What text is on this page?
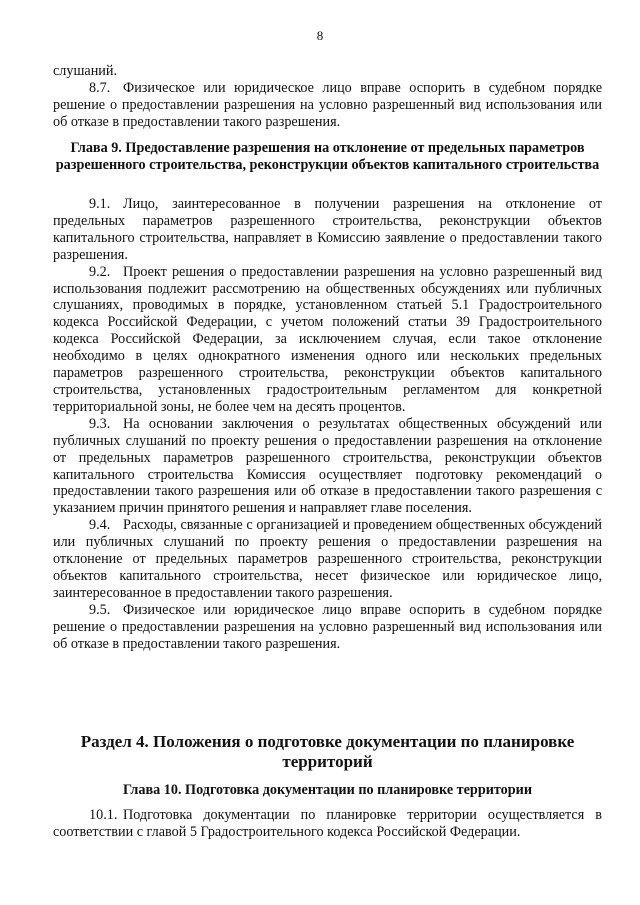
8

слушаний.

8.7. Физическое или юридическое лицо вправе оспорить в судебном порядке решение о предоставлении разрешения на условно разрешенный вид использования или об отказе в предоставлении такого разрешения.

Глава 9. Предоставление разрешения на отклонение от предельных параметров разрешенного строительства, реконструкции объектов капитального строительства

9.1. Лицо, заинтересованное в получении разрешения на отклонение от предельных параметров разрешенного строительства, реконструкции объектов капитального строительства, направляет в Комиссию заявление о предоставлении такого разрешения.

9.2. Проект решения о предоставлении разрешения на условно разрешенный вид использования подлежит рассмотрению на общественных обсуждениях или публичных слушаниях, проводимых в порядке, установленном статьей 5.1 Градостроительного кодекса Российской Федерации, с учетом положений статьи 39 Градостроительного кодекса Российской Федерации, за исключением случая, если такое отклонение необходимо в целях однократного изменения одного или нескольких предельных параметров разрешенного строительства, реконструкции объектов капитального строительства, установленных градостроительным регламентом для конкретной территориальной зоны, не более чем на десять процентов.

9.3. На основании заключения о результатах общественных обсуждений или публичных слушаний по проекту решения о предоставлении разрешения на отклонение от предельных параметров разрешенного строительства, реконструкции объектов капитального строительства Комиссия осуществляет подготовку рекомендаций о предоставлении такого разрешения или об отказе в предоставлении такого разрешения с указанием причин принятого решения и направляет главе поселения.

9.4. Расходы, связанные с организацией и проведением общественных обсуждений или публичных слушаний по проекту решения о предоставлении разрешения на отклонение от предельных параметров разрешенного строительства, реконструкции объектов капитального строительства, несет физическое или юридическое лицо, заинтересованное в предоставлении такого разрешения.

9.5. Физическое или юридическое лицо вправе оспорить в судебном порядке решение о предоставлении разрешения на условно разрешенный вид использования или об отказе в предоставлении такого разрешения.

Раздел 4. Положения о подготовке документации по планировке территорий
Глава 10. Подготовка документации по планировке территории

10.1. Подготовка документации по планировке территории осуществляется в соответствии с главой 5 Градостроительного кодекса Российской Федерации.
